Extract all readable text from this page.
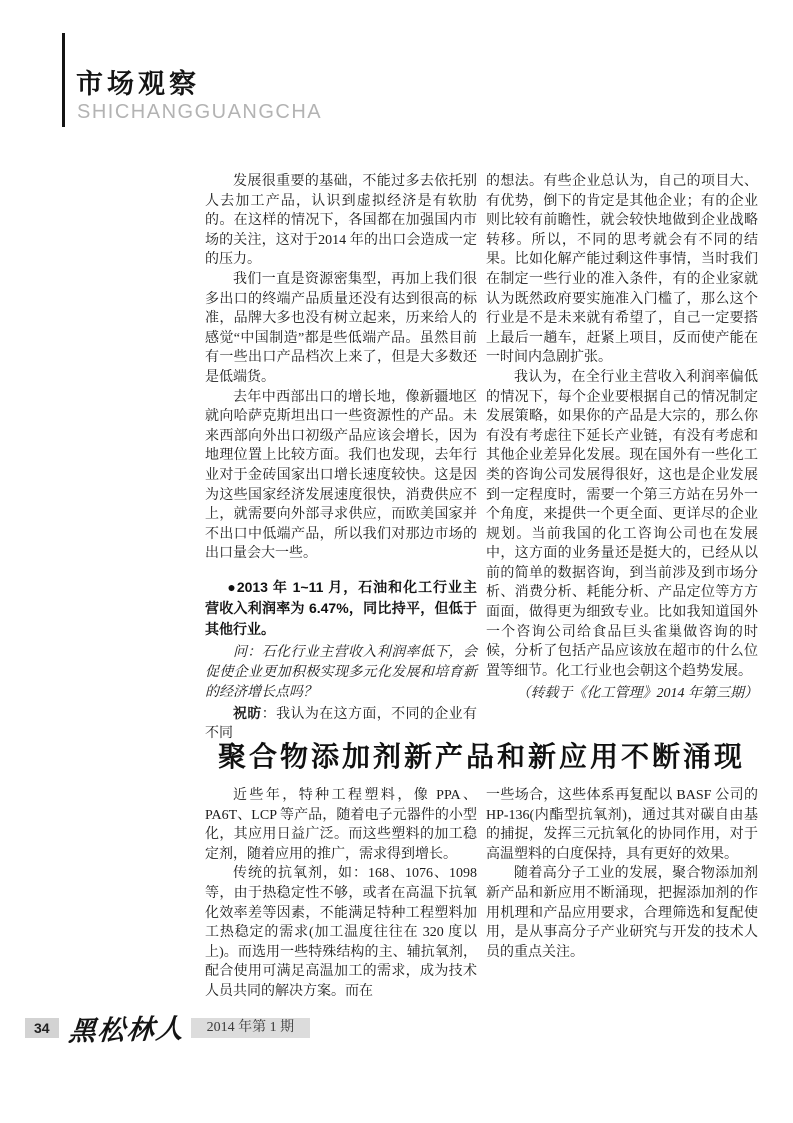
市场观察
SHICHANGGUANGCHA

发展很重要的基础，不能过多去依托别人去加工产品，认识到虚拟经济是有软肋的。在这样的情况下，各国都在加强国内市场的关注，这对于2014 年的出口会造成一定的压力。

我们一直是资源密集型，再加上我们很多出口的终端产品质量还没有达到很高的标准，品牌大多也没有树立起来，历来给人的感觉“中国制造”都是些低端产品。虽然目前有一些出口产品档次上来了，但是大多数还是低端货。

去年中西部出口的增长地，像新疆地区就向哈萨克斯坦出口一些资源性的产品。未来西部向外出口初级产品应该会增长，因为地理位置上比较方面。我们也发现，去年行业对于金砖国家出口增长速度较快。这是因为这些国家经济发展速度很快，消费供应不上，就需要向外部寻求供应，而欧美国家并不出口中低端产品，所以我们对那边市场的出口量会大一些。

●2013 年 1~11 月，石油和化工行业主营收入利润率为 6.47%，同比持平，但低于其他行业。

问：石化行业主营收入利润率低下，会促使企业更加积极实现多元化发展和培育新的经济增长点吗？

祝昉：我认为在这方面，不同的企业有不同

的想法。有些企业总认为，自己的项目大、有优势，倒下的肯定是其他企业；有的企业则比较有前瞻性，就会较快地做到企业战略转移。所以，不同的思考就会有不同的结果。比如化解产能过剩这件事情，当时我们在制定一些行业的准入条件，有的企业家就认为既然政府要实施准入门槛了，那么这个行业是不是未来就有希望了，自己一定要搭上最后一趟车，赶紧上项目，反而使产能在一时间内急剧扩张。

我认为，在全行业主营收入利润率偏低的情况下，每个企业要根据自己的情况制定发展策略，如果你的产品是大宗的，那么你有没有考虑往下延长产业链，有没有考虑和其他企业差异化发展。现在国外有一些化工类的咨询公司发展得很好，这也是企业发展到一定程度时，需要一个第三方站在另外一个角度，来提供一个更全面、更详尽的企业规划。当前我国的化工咨询公司也在发展中，这方面的业务量还是挺大的，已经从以前的简单的数据咨询，到当前涉及到市场分析、消费分析、耗能分析、产品定位等方方面面，做得更为细致专业。比如我知道国外一个咨询公司给食品巨头雀巢做咨询的时候，分析了包括产品应该放在超市的什么位置等细节。化工行业也会朝这个趋势发展。

（转载于《化工管理》2014 年第三期）

聚合物添加剂新产品和新应用不断涌现

近些年，特种工程塑料，像 PPA、PA6T、LCP 等产品，随着电子元器件的小型化，其应用日益广泛。而这些塑料的加工稳定剂，随着应用的推广，需求得到增长。

传统的抗氧剂，如：168、1076、1098 等，由于热稳定性不够，或者在高温下抗氧化效率差等因素，不能满足特种工程塑料加工热稳定的需求(加工温度往往在 320 度以上)。而选用一些特殊结构的主、辅抗氧剂，配合使用可满足高温加工的需求，成为技术人员共同的解决方案。而在

一些场合，这些体系再复配以 BASF 公司的 HP-136(内酯型抗氧剂)，通过其对碳自由基的捕捉，发挥三元抗氧化的协同作用，对于高温塑料的白度保持，具有更好的效果。

随着高分子工业的发展，聚合物添加剂新产品和新应用不断涌现，把握添加剂的作用机理和产品应用要求，合理筛选和复配使用，是从事高分子产业研究与开发的技术人员的重点关注。

34 黑松林人	2014 年第 1 期
